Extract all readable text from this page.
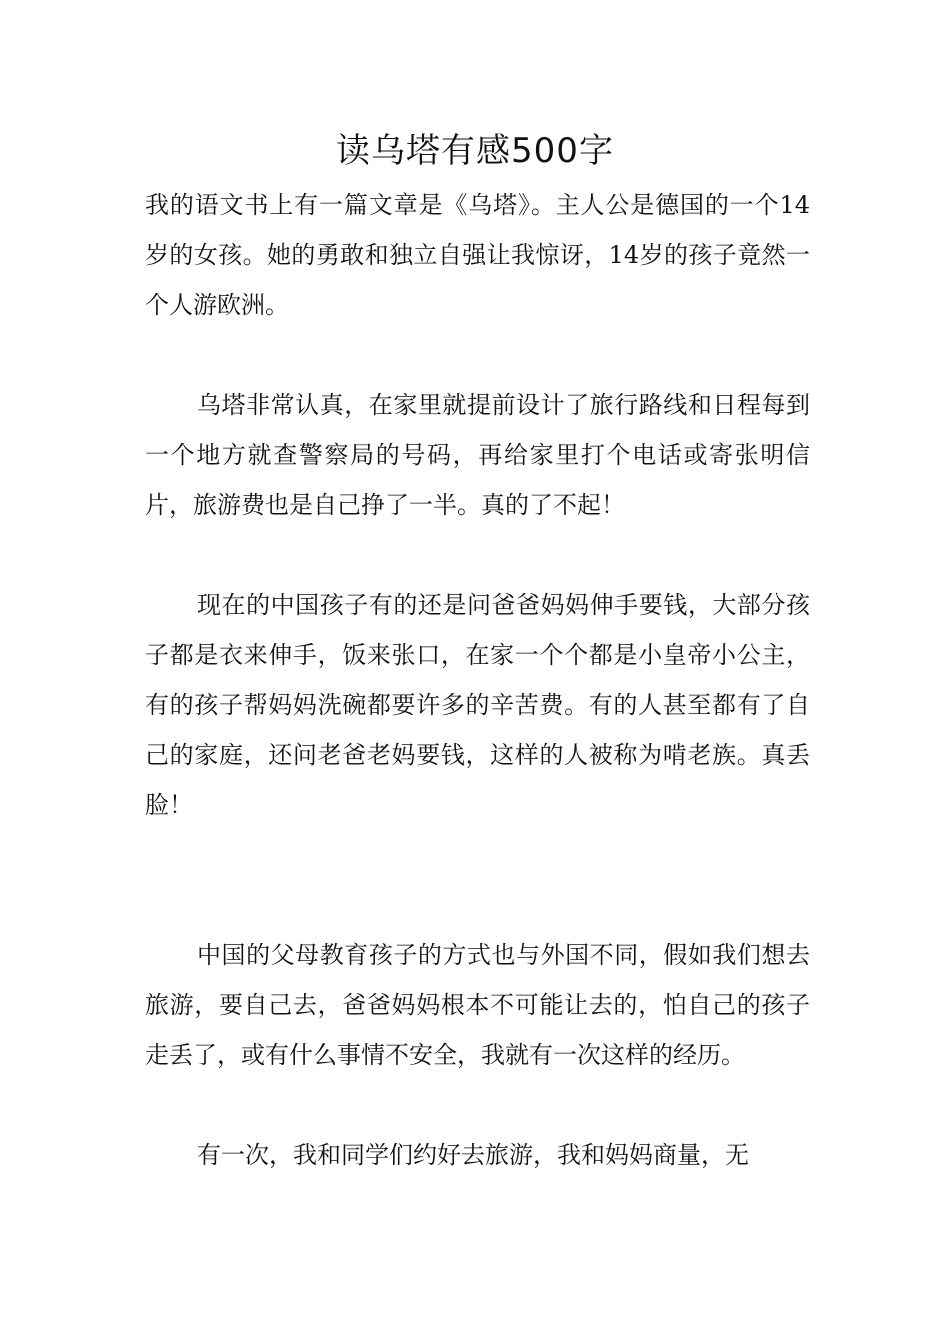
读乌塔有感500字

我的语文书上有一篇文章是《乌塔》。主人公是德国的一个14岁的女孩。她的勇敢和独立自强让我惊讶，14岁的孩子竟然一个人游欧洲。

乌塔非常认真，在家里就提前设计了旅行路线和日程每到一个地方就查警察局的号码，再给家里打个电话或寄张明信片，旅游费也是自己挣了一半。真的了不起！

现在的中国孩子有的还是问爸爸妈妈伸手要钱，大部分孩子都是衣来伸手，饭来张口，在家一个个都是小皇帝小公主，有的孩子帮妈妈洗碗都要许多的辛苦费。有的人甚至都有了自己的家庭，还问老爸老妈要钱，这样的人被称为啃老族。真丢脸！

中国的父母教育孩子的方式也与外国不同，假如我们想去旅游，要自己去，爸爸妈妈根本不可能让去的，怕自己的孩子走丢了，或有什么事情不安全，我就有一次这样的经历。

有一次，我和同学们约好去旅游，我和妈妈商量，无
